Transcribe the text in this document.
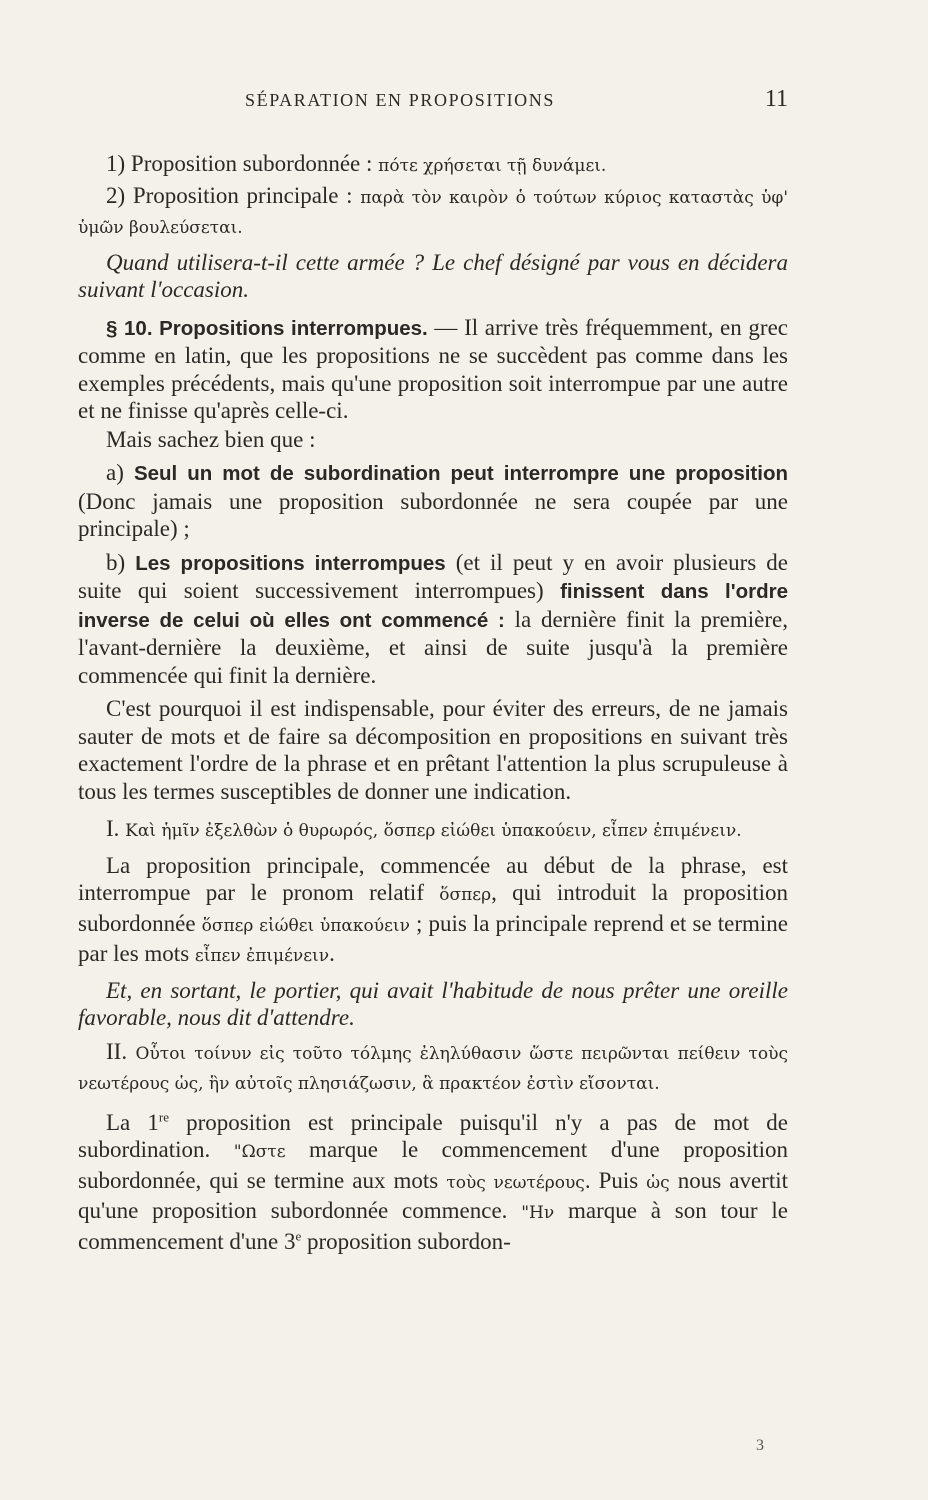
SÉPARATION EN PROPOSITIONS	11

1) Proposition subordonnée : πότε χρήσεται τῇ δυνάμει.

2) Proposition principale : παρὰ τὸν καιρὸν ὁ τούτων κύριος καταστὰς ὑφ' ὑμῶν βουλεύσεται.

Quand utilisera-t-il cette armée ? Le chef désigné par vous en décidera suivant l'occasion.

§ 10. Propositions interrompues. — Il arrive très fréquemment, en grec comme en latin, que les propositions ne se succèdent pas comme dans les exemples précédents, mais qu'une proposition soit interrompue par une autre et ne finisse qu'après celle-ci.

Mais sachez bien que :

a) Seul un mot de subordination peut interrompre une proposition (Donc jamais une proposition subordonnée ne sera coupée par une principale) ;

b) Les propositions interrompues (et il peut y en avoir plusieurs de suite qui soient successivement interrompues) finissent dans l'ordre inverse de celui où elles ont commencé : la dernière finit la première, l'avant-dernière la deuxième, et ainsi de suite jusqu'à la première commencée qui finit la dernière.

C'est pourquoi il est indispensable, pour éviter des erreurs, de ne jamais sauter de mots et de faire sa décomposition en propositions en suivant très exactement l'ordre de la phrase et en prêtant l'attention la plus scrupuleuse à tous les termes susceptibles de donner une indication.

I. Καὶ ἡμῖν ἐξελθὼν ὁ θυρωρός, ὅσπερ εἰώθει ὑπακούειν, εἶπεν ἐπιμένειν.

La proposition principale, commencée au début de la phrase, est interrompue par le pronom relatif ὅσπερ, qui introduit la proposition subordonnée ὅσπερ εἰώθει ὑπακούειν ; puis la principale reprend et se termine par les mots εἶπεν ἐπιμένειν.

Et, en sortant, le portier, qui avait l'habitude de nous prêter une oreille favorable, nous dit d'attendre.

II. Οὗτοι τοίνυν εἰς τοῦτο τόλμης ἐληλύθασιν ὥστε πειρῶνται πείθειν τοὺς νεωτέρους ὡς, ἣν αὐτοῖς πλησιάζωσιν, ἃ πρακτέον ἐστὶν εἴσονται.

La 1re proposition est principale puisqu'il n'y a pas de mot de subordination. "Ωστε marque le commencement d'une proposition subordonnée, qui se termine aux mots τοὺς νεωτέρους. Puis ὡς nous avertit qu'une proposition subordonnée commence. "Ην marque à son tour le commencement d'une 3e proposition subordon-

3
